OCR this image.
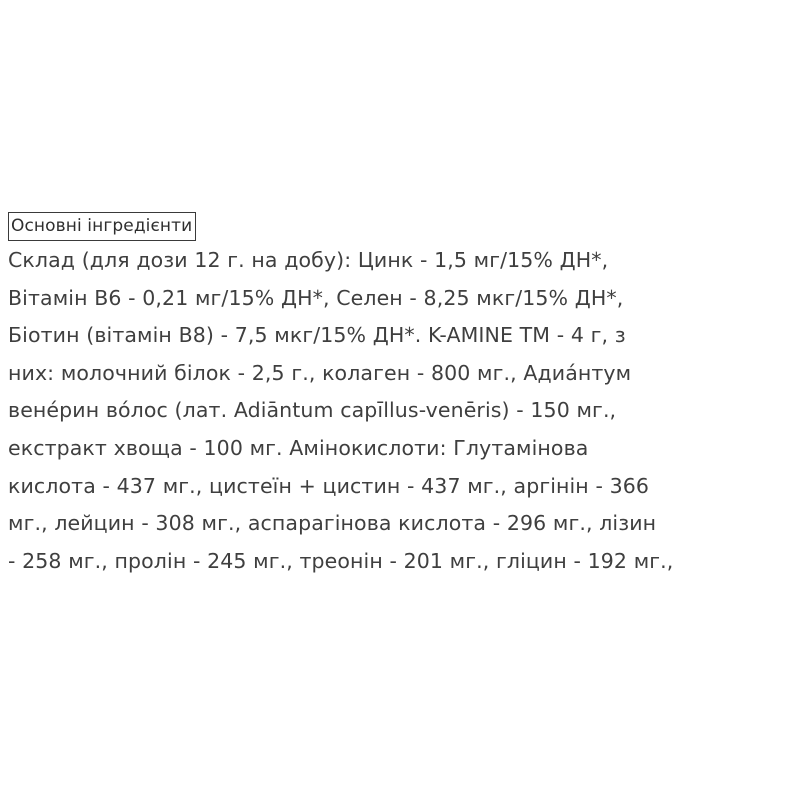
Основні інгредієнти
Склад (для дози 12 г. на добу): Цинк - 1,5 мг/15% ДН*,
Вітамін В6 - 0,21 мг/15% ДН*, Селен - 8,25 мкг/15% ДН*,
Біотин (вітамін В8) - 7,5 мкг/15% ДН*. K-AMINE TM - 4 г, з
них: молочний білок - 2,5 г., колаген - 800 мг., Адиáнтум
венéрин вóлос (лат. Adiāntum capīllus-venēris) - 150 мг.,
екстракт хвоща - 100 мг. Амінокислоти: Глутамінова
кислота - 437 мг., цистеїн + цистин - 437 мг., аргінін - 366
мг., лейцин - 308 мг., аспарагінова кислота - 296 мг., лізин
- 258 мг., пролін - 245 мг., треонін - 201 мг., гліцин - 192 мг.,
